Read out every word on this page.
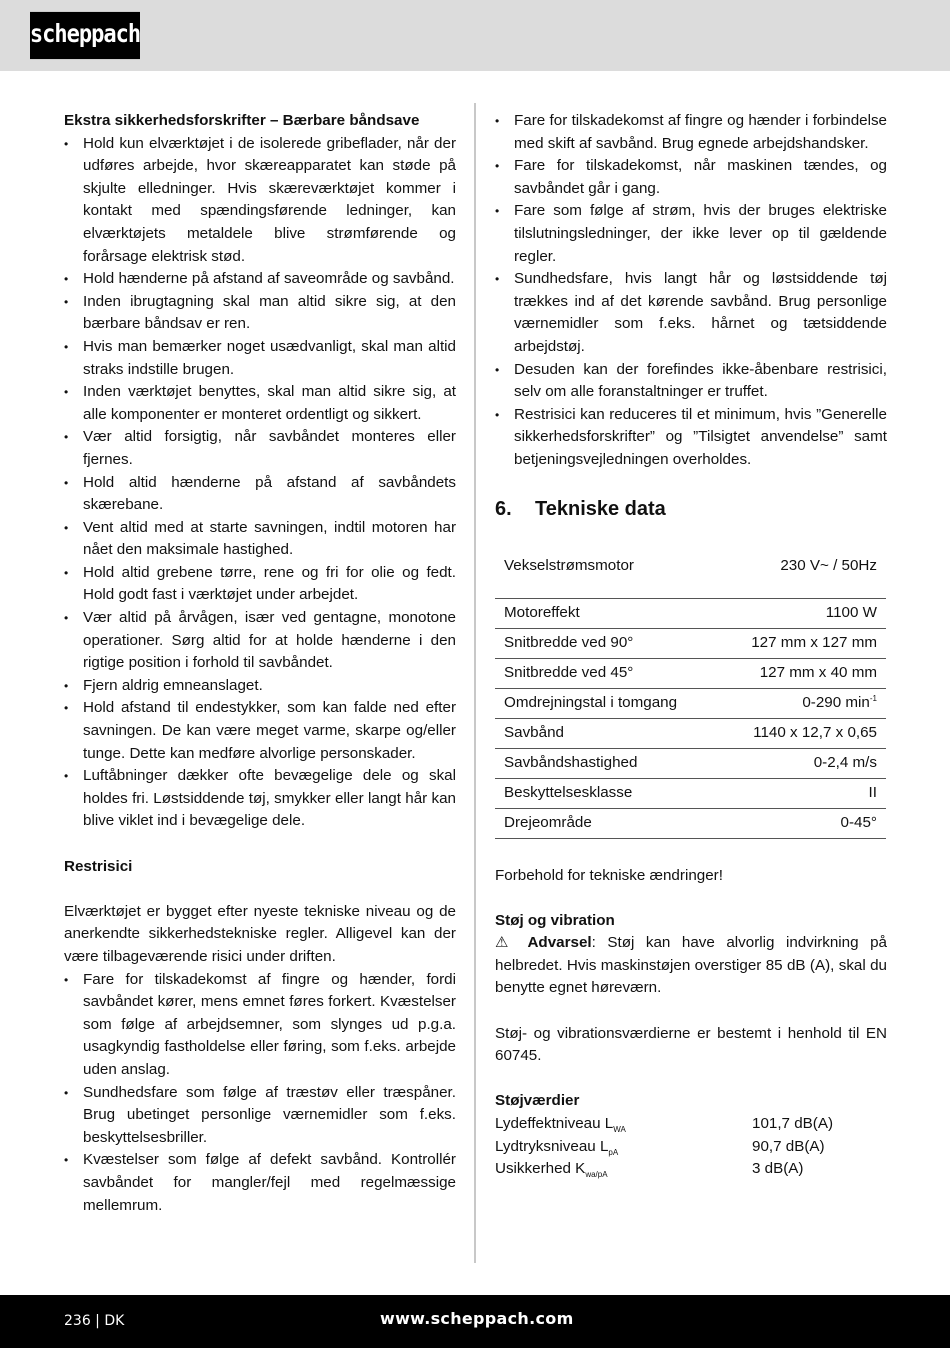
scheppach
Ekstra sikkerhedsforskrifter – Bærbare båndsave
• Hold kun elværktøjet i de isolerede gribeflader, når der udføres arbejde, hvor skæreapparatet kan støde på skjulte elledninger. Hvis skæreværktøjet kommer i kontakt med spændingsførende ledninger, kan elværktøjets metaldele blive strømførende og forårsage elektrisk stød.
• Hold hænderne på afstand af saveområde og savbånd.
• Inden ibrugtagning skal man altid sikre sig, at den bærbare båndsav er ren.
• Hvis man bemærker noget usædvanligt, skal man altid straks indstille brugen.
• Inden værktøjet benyttes, skal man altid sikre sig, at alle komponenter er monteret ordentligt og sikkert.
• Vær altid forsigtig, når savbåndet monteres eller fjernes.
• Hold altid hænderne på afstand af savbåndets skærebane.
• Vent altid med at starte savningen, indtil motoren har nået den maksimale hastighed.
• Hold altid grebene tørre, rene og fri for olie og fedt. Hold godt fast i værktøjet under arbejdet.
• Vær altid på årvågen, især ved gentagne, monotone operationer. Sørg altid for at holde hænderne i den rigtige position i forhold til savbåndet.
• Fjern aldrig emneanslaget.
• Hold afstand til endestykker, som kan falde ned efter savningen. De kan være meget varme, skarpe og/eller tunge. Dette kan medføre alvorlige personskader.
• Luftåbninger dækker ofte bevægelige dele og skal holdes fri. Løstsiddende tøj, smykker eller langt hår kan blive viklet ind i bevægelige dele.
Restrisici

Elværktøjet er bygget efter nyeste tekniske niveau og de anerkendte sikkerhedstekniske regler. Alligevel kan der være tilbageværende risici under driften.

• Fare for tilskadekomst af fingre og hænder, fordi savbåndet kører, mens emnet føres forkert. Kvæstelser som følge af arbejdsemner, som slynges ud p.g.a. usagkyndig fastholdelse eller føring, som f.eks. arbejde uden anslag.
• Sundhedsfare som følge af træstøv eller træspåner. Brug ubetinget personlige værnemidler som f.eks. beskyttelsesbriller.
• Kvæstelser som følge af defekt savbånd. Kontrollér savbåndet for mangler/fejl med regelmæssige mellemrum.
• Fare for tilskadekomst af fingre og hænder i forbindelse med skift af savbånd. Brug egnede arbejdshandsker.
• Fare for tilskadekomst, når maskinen tændes, og savbåndet går i gang.
• Fare som følge af strøm, hvis der bruges elektriske tilslutningsledninger, der ikke lever op til gældende regler.
• Sundhedsfare, hvis langt hår og løstsiddende tøj trækkes ind af det kørende savbånd. Brug personlige værnemidler som f.eks. hårnet og tætsiddende arbejdstøj.
• Desuden kan der forefindes ikke-åbenbare restrisici, selv om alle foranstaltninger er truffet.
• Restrisici kan reduceres til et minimum, hvis ”Generelle sikkerhedsforskrifter” og ”Tilsigtet anvendelse” samt betjeningsvejledningen overholdes.
6. Tekniske data
Vekselstrømsmotor	230 V~ / 50Hz
Motoreffekt	1100 W
Snitbredde ved 90°	127 mm x 127 mm
Snitbredde ved 45°	127 mm x 40 mm
Omdrejningstal i tomgang	0-290 $\min^{-1}$
Savbånd	1140 x 12,7 x 0,65
Savbåndshastighed	0-2,4 m/s
Beskyttelsesklasse	II
Drejeområde	0-45°

Forbehold for tekniske ændringer!

Støj og vibration

⚠ Advarsel: Støj kan have alvorlig indvirkning på helbredet. Hvis maskinstøjen overstiger 85 dB (A), skal du benytte egnet høreværn.

Støj- og vibrationsværdierne er bestemt i henhold til EN 60745.

Støjværdier
Lydeffektniveau $L_{WA}$	101,7 dB(A)
Lydtryksniveau $L_{pA}$	90,7 dB(A)
Usikkerhed $K_{wa/pA}$	3 dB(A)
236 | DK	www.scheppach.com
